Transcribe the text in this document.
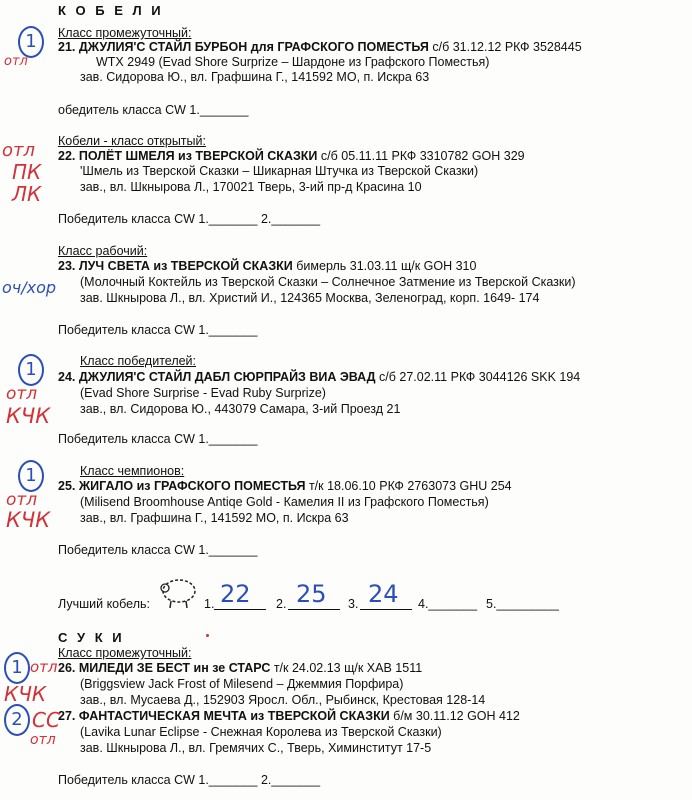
К О Б Е Л И
Класс промежуточный:
21. ДЖУЛИЯ'С СТАЙЛ БУРБОН для ГРАФСКОГО ПОМЕСТЬЯ с/б 31.12.12 РКФ 3528445
WTX 2949 (Evad Shore Surprize – Шардоне из Графского Поместья)
зав. Сидорова Ю., вл. Графшина Г., 141592 МО, п. Искра 63
обедитель класса CW 1._______
1
отл
Кобели - класс открытый:
22. ПОЛЁТ ШМЕЛЯ из ТВЕРСКОЙ СКАЗКИ с/б 05.11.11 РКФ 3310782 GOH 329
'Шмель из Тверской Сказки – Шикарная Штучка из Тверской Сказки)
зав., вл. Шкнырова Л., 170021 Тверь, 3-ий пр-д Красина 10
Победитель класса CW 1._______ 2._______
отл
ПК
ЛК
Класс рабочий:
23. ЛУЧ СВЕТА из ТВЕРСКОЙ СКАЗКИ бимерль 31.03.11 щ/к GOH 310
(Молочный Коктейль из Тверской Сказки – Солнечное Затмение из Тверской Сказки)
зав. Шкнырова Л., вл. Христий И., 124365 Москва, Зеленоград, корп. 1649- 174
Победитель класса CW 1._______
оч/хор
Класс победителей:
24. ДЖУЛИЯ'С СТАЙЛ ДАБЛ СЮРПРАЙЗ ВИА ЭВАД с/б 27.02.11 РКФ 3044126 SKK 194
(Evad Shore Surprise - Evad Ruby Surprize)
зав., вл. Сидорова Ю., 443079 Самара, 3-ий Проезд 21
Победитель класса CW 1._______
1
отл
КЧК
Класс чемпионов:
25. ЖИГАЛО из ГРАФСКОГО ПОМЕСТЬЯ т/к 18.06.10 РКФ 2763073 GHU 254
(Milisend Broomhouse Antiqe Gold - Камелия II из Графского Поместья)
зав., вл. Графшина Г., 141592 МО, п. Искра 63
Победитель класса CW 1._______
1
отл
КЧК
Лучший кобель:	1. 22 2. 25 3. 24 4._______ 5._________
С У К И
Класс промежуточный:
26. МИЛЕДИ ЗЕ БЕСТ ин зе СТАРС т/к 24.02.13 щ/к ХАВ 1511
(Briggsview Jack Frost of Milesend – Джеммия Порфира)
зав., вл. Мусаева Д., 152903 Яросл. Обл., Рыбинск, Крестовая 128-14
27. ФАНТАСТИЧЕСКАЯ МЕЧТА из ТВЕРСКОЙ СКАЗКИ б/м 30.11.12 GOH 412
(Lavika Lunar Eclipse - Снежная Королева из Тверской Сказки)
зав. Шкнырова Л., вл. Гремячих С., Тверь, Химинститут 17-5
Победитель класса CW 1._______ 2._______
1 отл
КЧК
2 СС
отл
